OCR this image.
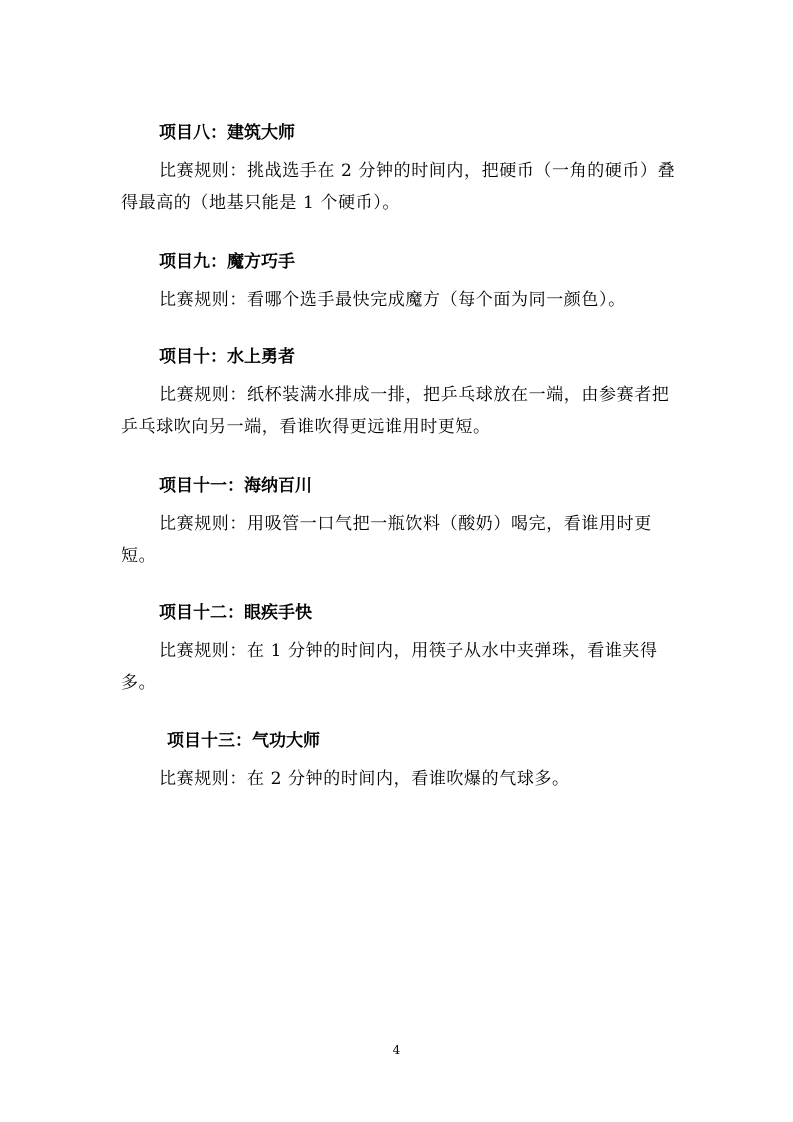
项目八：建筑大师

比赛规则：挑战选手在 2 分钟的时间内，把硬币（一角的硬币）叠得最高的（地基只能是 1 个硬币）。

项目九：魔方巧手

比赛规则：看哪个选手最快完成魔方（每个面为同一颜色）。

项目十：水上勇者

比赛规则：纸杯装满水排成一排，把乒乓球放在一端，由参赛者把乒乓球吹向另一端，看谁吹得更远谁用时更短。

项目十一：海纳百川

比赛规则：用吸管一口气把一瓶饮料（酸奶）喝完，看谁用时更短。

项目十二：眼疾手快

比赛规则：在 1 分钟的时间内，用筷子从水中夹弹珠，看谁夹得多。

项目十三：气功大师

比赛规则：在 2 分钟的时间内，看谁吹爆的气球多。

4
